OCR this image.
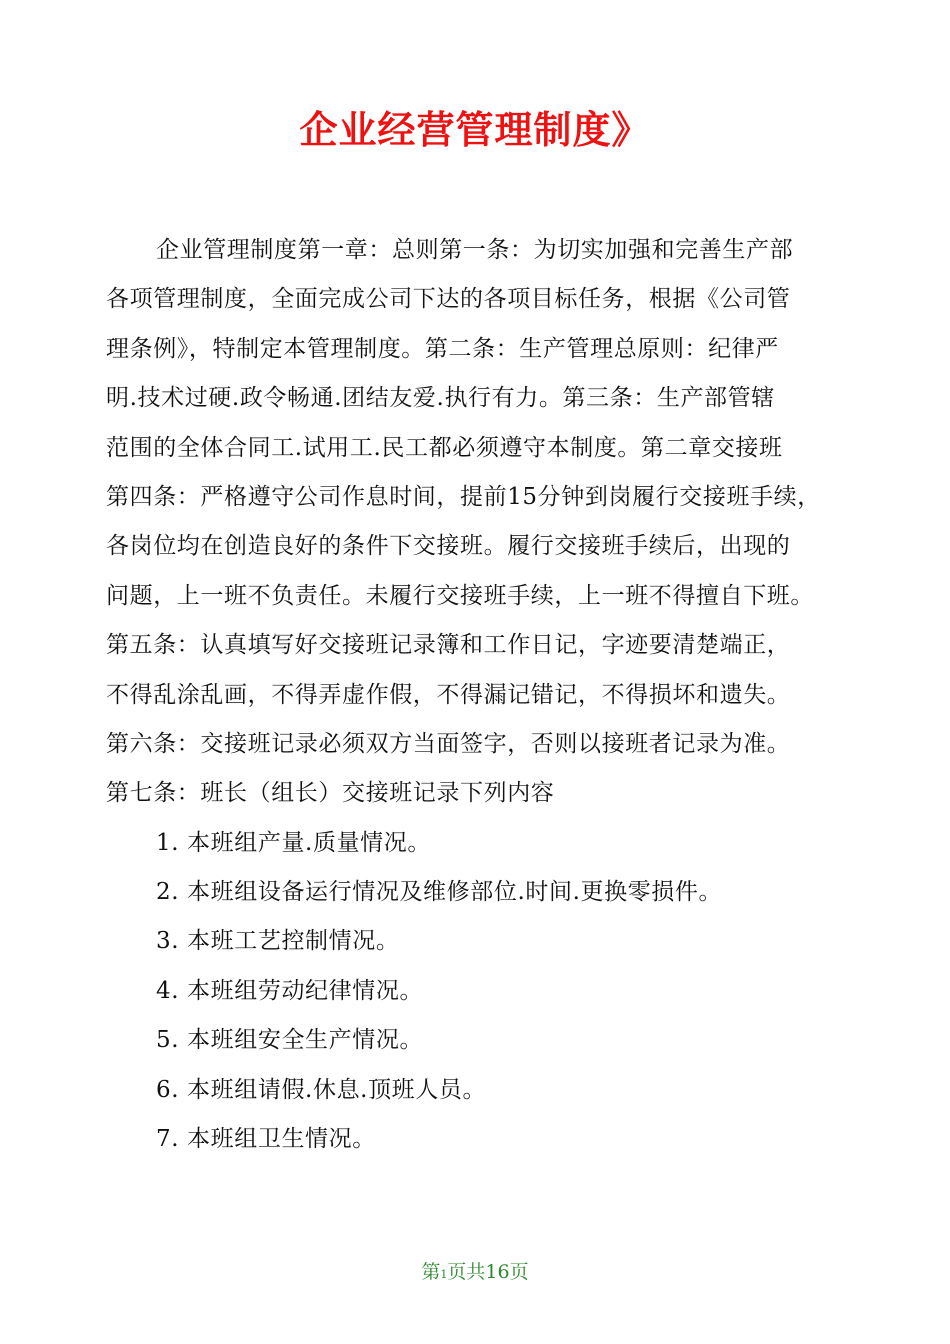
企业经营管理制度》
企业管理制度第一章：总则第一条：为切实加强和完善生产部
各项管理制度，全面完成公司下达的各项目标任务，根据《公司管
理条例》，特制定本管理制度。第二条：生产管理总原则：纪律严
明.技术过硬.政令畅通.团结友爱.执行有力。第三条：生产部管辖
范围的全体合同工.试用工.民工都必须遵守本制度。第二章交接班
第四条：严格遵守公司作息时间，提前15分钟到岗履行交接班手续，
各岗位均在创造良好的条件下交接班。履行交接班手续后，出现的
问题，上一班不负责任。未履行交接班手续，上一班不得擅自下班。
第五条：认真填写好交接班记录簿和工作日记，字迹要清楚端正，
不得乱涂乱画，不得弄虚作假，不得漏记错记，不得损坏和遗失。
第六条：交接班记录必须双方当面签字，否则以接班者记录为准。
第七条：班长（组长）交接班记录下列内容
1. 本班组产量.质量情况。
2. 本班组设备运行情况及维修部位.时间.更换零损件。
3. 本班工艺控制情况。
4. 本班组劳动纪律情况。
5. 本班组安全生产情况。
6. 本班组请假.休息.顶班人员。
7. 本班组卫生情况。
第1页共16页
